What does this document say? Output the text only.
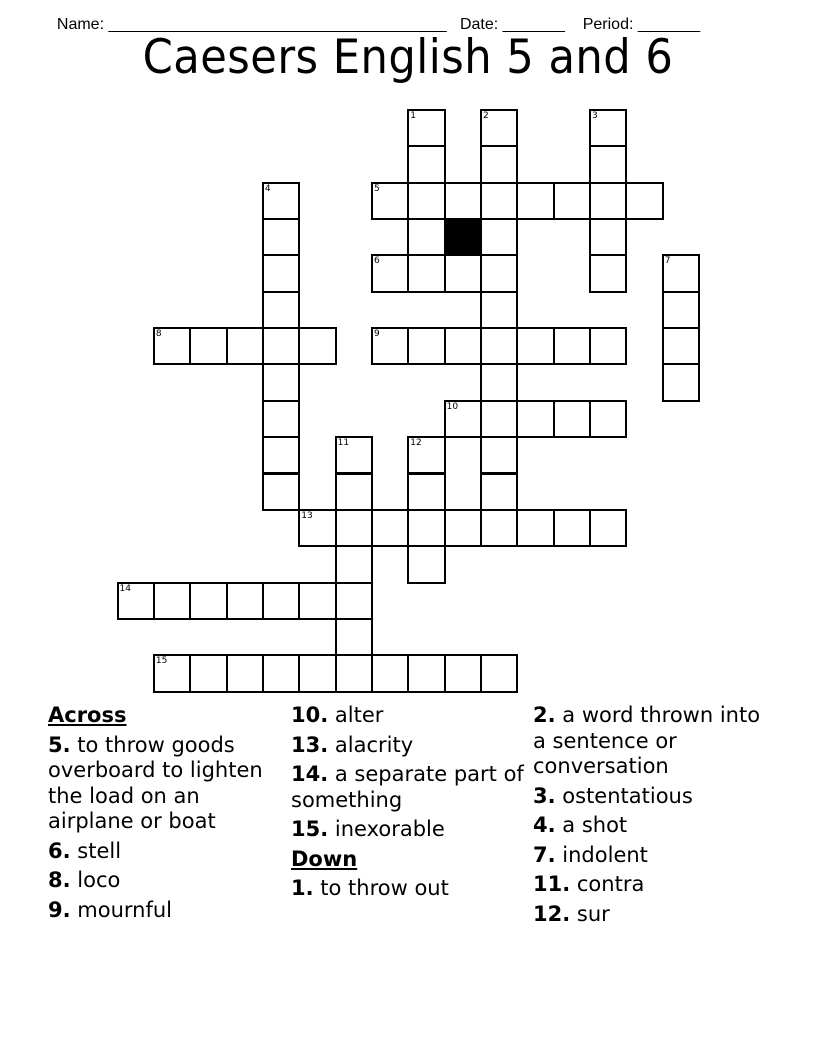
Name: ______________________________________ Date: _______ Period: _______

Caesers English 5 and 6
1	2	3
4	5
6	7
8	9
10
11	12
13
14
15
Across
5. to throw goods overboard to lighten the load on an airplane or boat
6. stell
8. loco
9. mournful
10. alter
13. alacrity
14. a separate part of something
15. inexorable
Down
1. to throw out
2. a word thrown into a sentence or conversation
3. ostentatious
4. a shot
7. indolent
11. contra
12. sur
